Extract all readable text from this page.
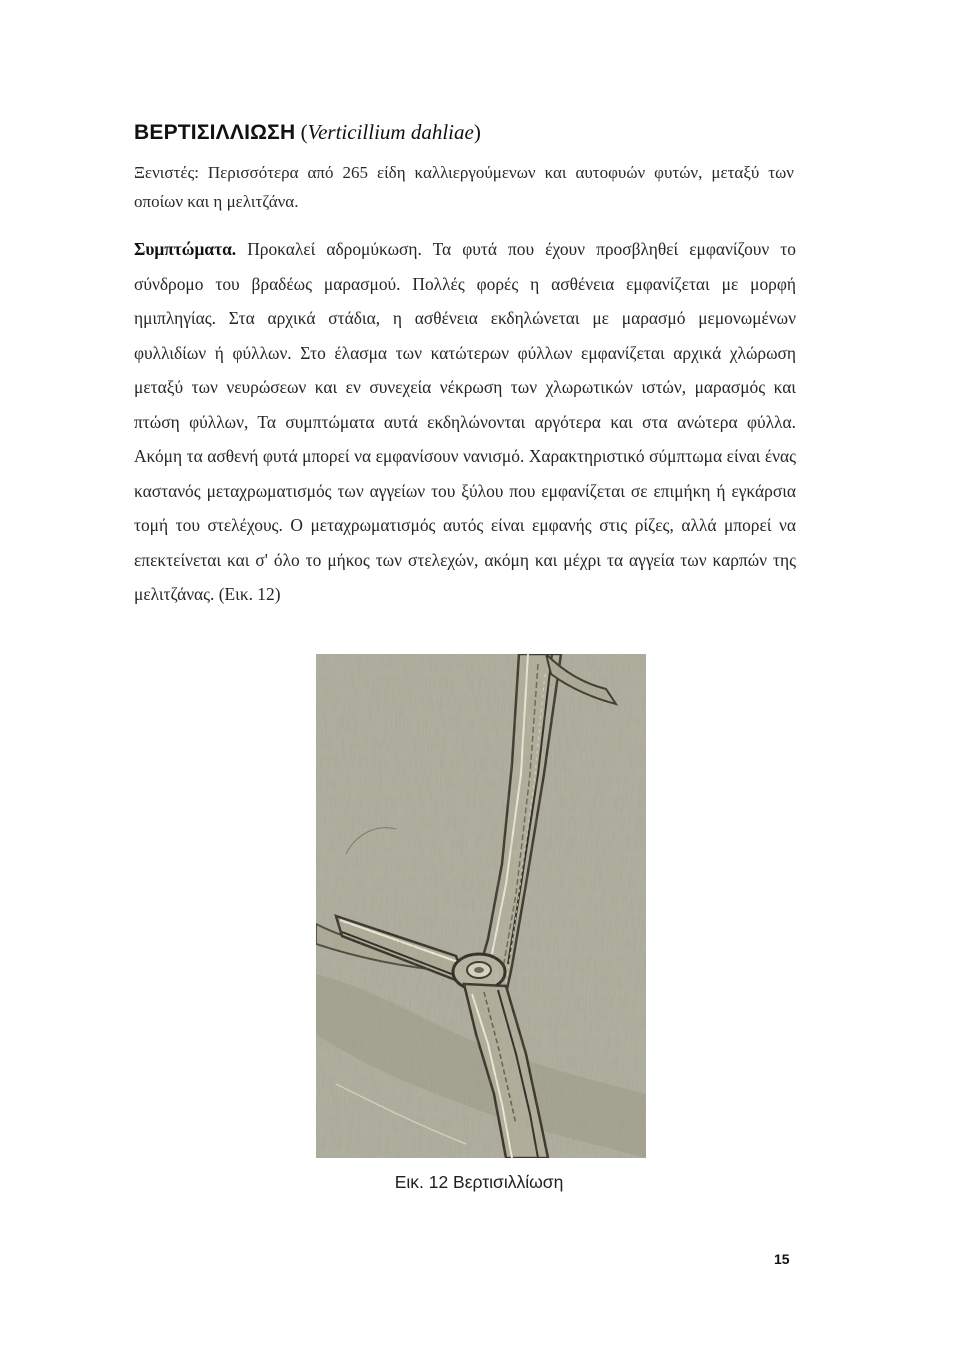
ΒΕΡΤΙΣΙΛΛΙΩΣΗ (Verticillium dahliae)

Ξενιστές: Περισσότερα από 265 είδη καλλιεργούμενων και αυτοφυών φυτών, μεταξύ των οποίων και η μελιτζάνα.

Συμπτώματα. Προκαλεί αδρομύκωση. Τα φυτά που έχουν προσβληθεί εμφανίζουν το σύνδρομο του βραδέως μαρασμού. Πολλές φορές η ασθένεια εμφανίζεται με μορφή ημιπληγίας. Στα αρχικά στάδια, η ασθένεια εκδηλώνεται με μαρασμό μεμονωμένων φυλλιδίων ή φύλλων. Στο έλασμα των κατώτερων φύλλων εμφανίζεται αρχικά χλώρωση μεταξύ των νευρώσεων και εν συνεχεία νέκρωση των χλωρωτικών ιστών, μαρασμός και πτώση φύλλων, Τα συμπτώματα αυτά εκδηλώνονται αργότερα και στα ανώτερα φύλλα. Ακόμη τα ασθενή φυτά μπορεί να εμφανίσουν νανισμό. Χαρακτηριστικό σύμπτωμα είναι ένας καστανός μεταχρωματισμός των αγγείων του ξύλου που εμφανίζεται σε επιμήκη ή εγκάρσια τομή του στελέχους. Ο μεταχρωματισμός αυτός είναι εμφανής στις ρίζες, αλλά μπορεί να επεκτείνεται και σ' όλο το μήκος των στελεχών, ακόμη και μέχρι τα αγγεία των καρπών της μελιτζάνας. (Εικ. 12)

Εικ. 12 Βερτισιλλίωση
15
